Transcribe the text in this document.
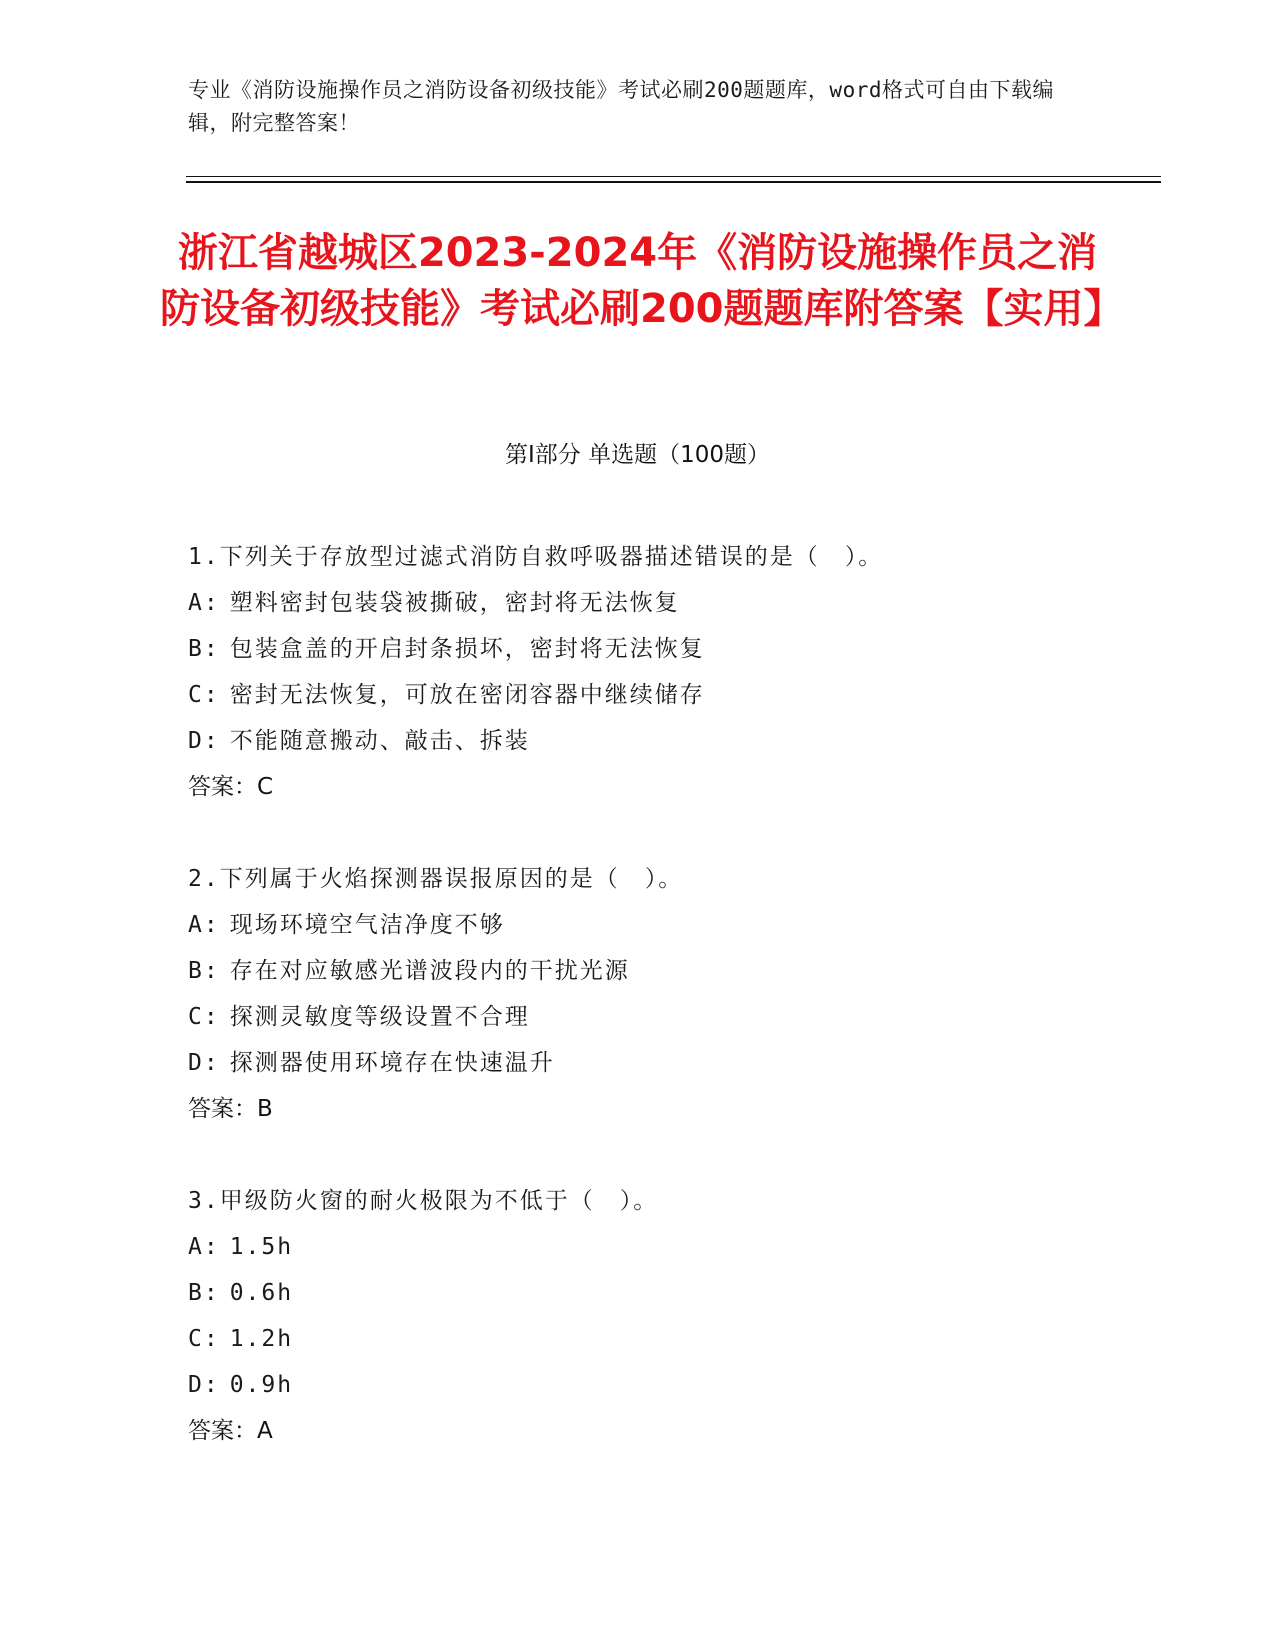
专业《消防设施操作员之消防设备初级技能》考试必刷200题题库，word格式可自由下载编辑，附完整答案！
浙江省越城区2023-2024年《消防设施操作员之消防设备初级技能》考试必刷200题题库附答案【实用】
第I部分 单选题（100题）
1.下列关于存放型过滤式消防自救呼吸器描述错误的是（　）。
A: 塑料密封包装袋被撕破，密封将无法恢复
B: 包装盒盖的开启封条损坏，密封将无法恢复
C: 密封无法恢复，可放在密闭容器中继续储存
D: 不能随意搬动、敲击、拆装
答案：C
2.下列属于火焰探测器误报原因的是（　）。
A: 现场环境空气洁净度不够
B: 存在对应敏感光谱波段内的干扰光源
C: 探测灵敏度等级设置不合理
D: 探测器使用环境存在快速温升
答案：B
3.甲级防火窗的耐火极限为不低于（　）。
A: 1.5h
B: 0.6h
C: 1.2h
D: 0.9h
答案：A
